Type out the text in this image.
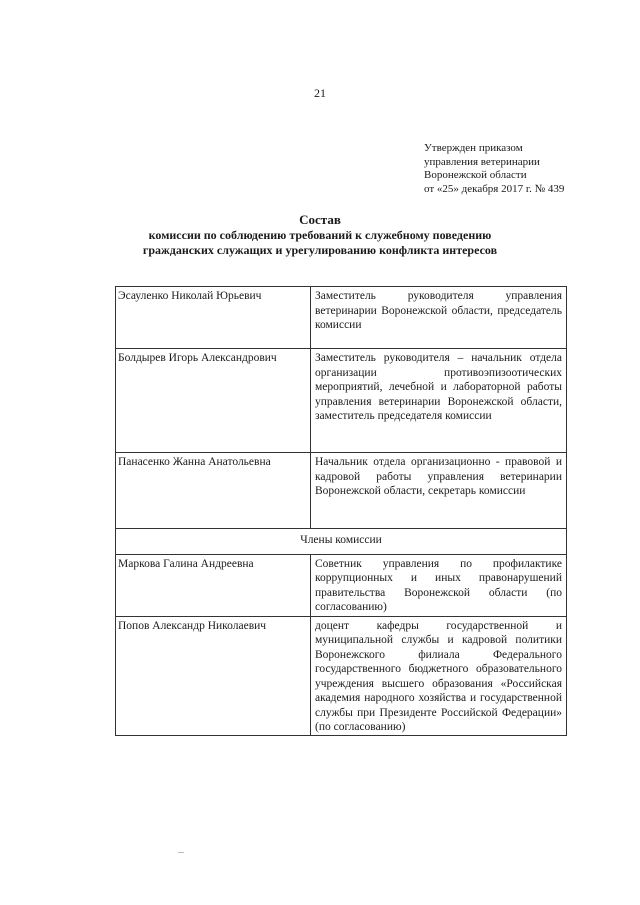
21
Утвержден приказом
управления ветеринарии
Воронежской области
от «25» декабря 2017 г. № 439
Состав
комиссии по соблюдению требований к служебному поведению
гражданских служащих и урегулированию конфликта интересов
Эсауленко Николай Юрьевич	Заместитель руководителя управления ветеринарии Воронежской области, председатель комиссии
Болдырев Игорь Александрович	Заместитель руководителя – начальник отдела организации противоэпизоотических мероприятий, лечебной и лабораторной работы управления ветеринарии Воронежской области, заместитель председателя комиссии
Панасенко Жанна Анатольевна	Начальник отдела организационно - правовой и кадровой работы управления ветеринарии Воронежской области, секретарь комиссии
Члены комиссии	
Маркова Галина Андреевна	Советник управления по профилактике коррупционных и иных правонарушений правительства Воронежской области (по согласованию)
Попов Александр Николаевич	доцент кафедры государственной и муниципальной службы и кадровой политики Воронежского филиала Федерального государственного бюджетного образовательного учреждения высшего образования «Российская академия народного хозяйства и государственной службы при Президенте Российской Федерации» (по согласованию)
